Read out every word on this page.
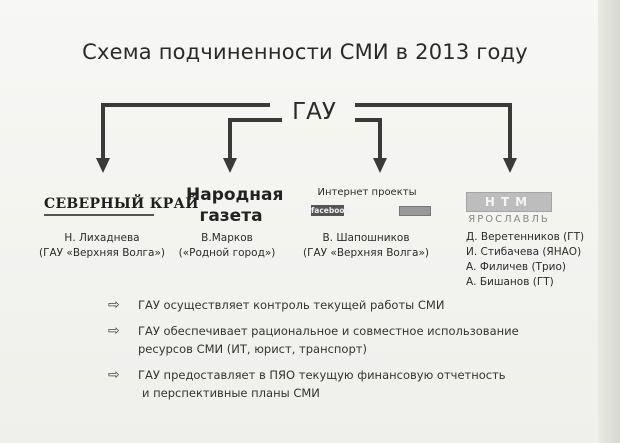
Схема подчиненности СМИ в 2013 году
ГАУ
СЕВЕРНЫЙ КРАЙ
Народная
газета
Интернет проекты
facebook
НТМ
ЯРОСЛАВЛЬ
Н. Лихаднева
(ГАУ «Верхняя Волга»)
В.Марков
(«Родной город»)
В. Шапошников
(ГАУ «Верхняя Волга»)
Д. Веретенников (ГТ)
И. Стибачева (ЯНАО)
А. Филичев (Трио)
А. Бишанов (ГТ)
⇨	ГАУ осуществляет контроль текущей работы СМИ
⇨	ГАУ обеспечивает рациональное и совместное использование
ресурсов СМИ (ИТ, юрист, транспорт)
⇨	ГАУ предоставляет в ПЯО текущую финансовую отчетность
и перспективные планы СМИ
